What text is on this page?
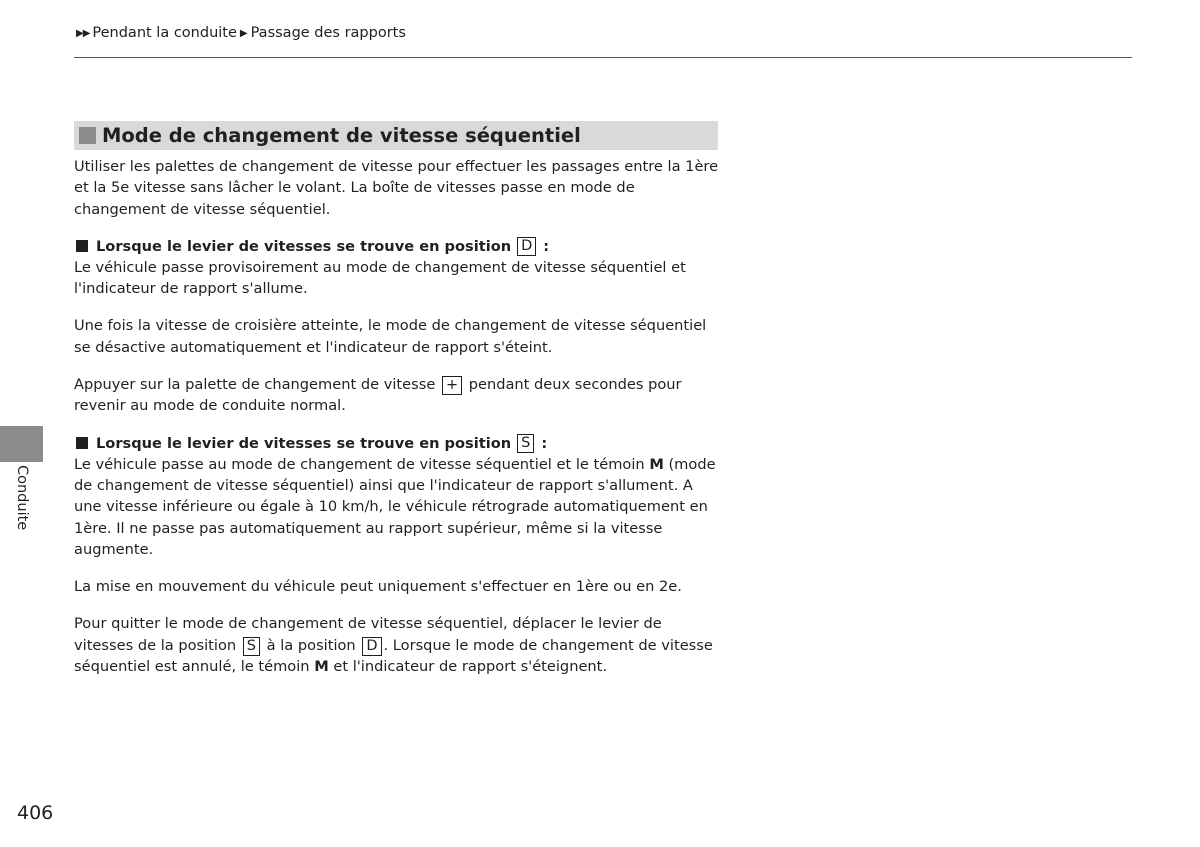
▶▶ Pendant la conduite ▶ Passage des rapports
Mode de changement de vitesse séquentiel

Utiliser les palettes de changement de vitesse pour effectuer les passages entre la 1ère et la 5e vitesse sans lâcher le volant. La boîte de vitesses passe en mode de changement de vitesse séquentiel.

Lorsque le levier de vitesses se trouve en position D :

Le véhicule passe provisoirement au mode de changement de vitesse séquentiel et l'indicateur de rapport s'allume.

Une fois la vitesse de croisière atteinte, le mode de changement de vitesse séquentiel se désactive automatiquement et l'indicateur de rapport s'éteint.

Appuyer sur la palette de changement de vitesse + pendant deux secondes pour revenir au mode de conduite normal.

Lorsque le levier de vitesses se trouve en position S :

Le véhicule passe au mode de changement de vitesse séquentiel et le témoin M (mode de changement de vitesse séquentiel) ainsi que l'indicateur de rapport s'allument. A une vitesse inférieure ou égale à 10 km/h, le véhicule rétrograde automatiquement en 1ère. Il ne passe pas automatiquement au rapport supérieur, même si la vitesse augmente.

La mise en mouvement du véhicule peut uniquement s'effectuer en 1ère ou en 2e.

Pour quitter le mode de changement de vitesse séquentiel, déplacer le levier de vitesses de la position S à la position D . Lorsque le mode de changement de vitesse séquentiel est annulé, le témoin M et l'indicateur de rapport s'éteignent.

Conduite
406
